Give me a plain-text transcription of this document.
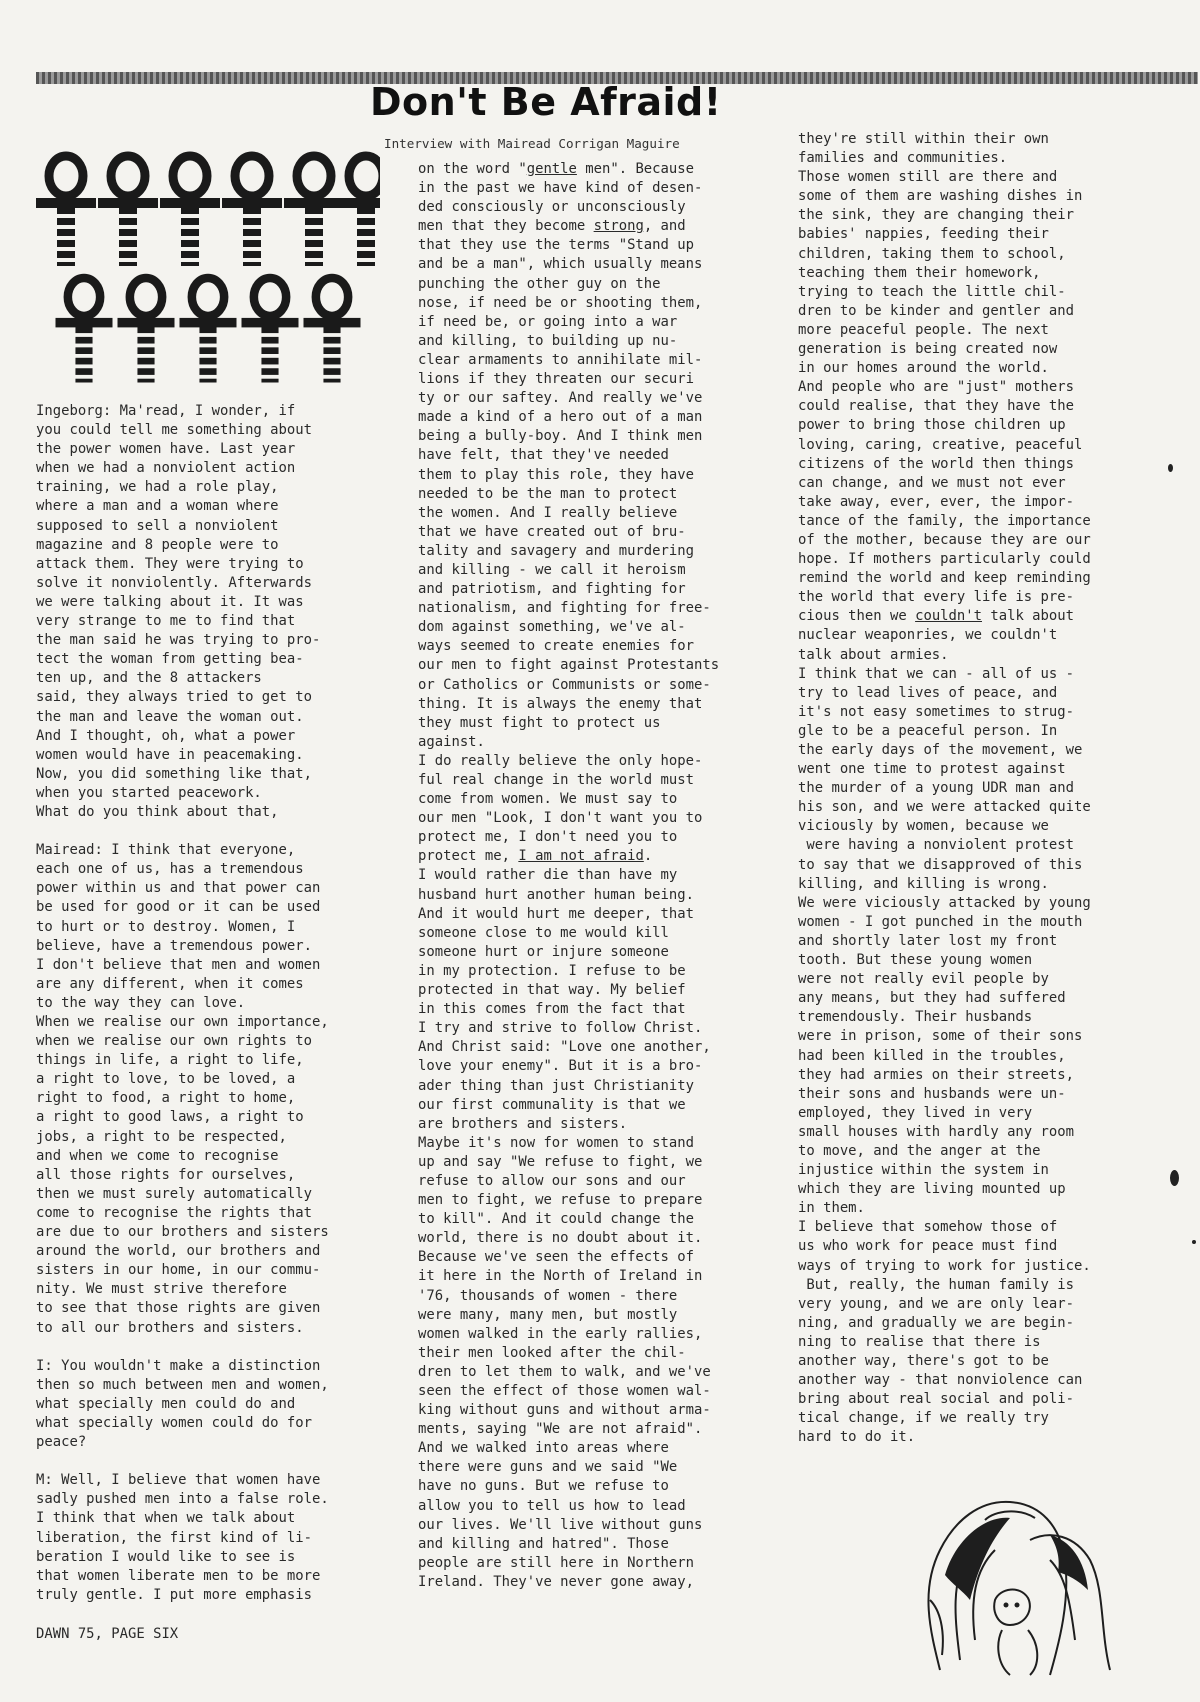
Don't Be Afraid!
Interview with Mairead Corrigan Maguire
Ingeborg: Ma'read, I wonder, if
you could tell me something about
the power women have. Last year
when we had a nonviolent action
training, we had a role play,
where a man and a woman where
supposed to sell a nonviolent
magazine and 8 people were to
attack them. They were trying to
solve it nonviolently. Afterwards
we were talking about it. It was
very strange to me to find that
the man said he was trying to pro-
tect the woman from getting bea-
ten up, and the 8 attackers
said, they always tried to get to
the man and leave the woman out.
And I thought, oh, what a power
women would have in peacemaking.
Now, you did something like that,
when you started peacework.
What do you think about that,

Mairead: I think that everyone,
each one of us, has a tremendous
power within us and that power can
be used for good or it can be used
to hurt or to destroy. Women, I
believe, have a tremendous power.
I don't believe that men and women
are any different, when it comes
to the way they can love.
When we realise our own importance,
when we realise our own rights to
things in life, a right to life,
a right to love, to be loved, a
right to food, a right to home,
a right to good laws, a right to
jobs, a right to be respected,
and when we come to recognise
all those rights for ourselves,
then we must surely automatically
come to recognise the rights that
are due to our brothers and sisters
around the world, our brothers and
sisters in our home, in our commu-
nity. We must strive therefore
to see that those rights are given
to all our brothers and sisters.

I: You wouldn't make a distinction
then so much between men and women,
what specially men could do and
what specially women could do for
peace?

M: Well, I believe that women have
sadly pushed men into a false role.
I think that when we talk about
liberation, the first kind of li-
beration I would like to see is
that women liberate men to be more
truly gentle. I put more emphasis
on the word "gentle men". Because
in the past we have kind of desen-
ded consciously or unconsciously
men that they become strong, and
that they use the terms "Stand up
and be a man", which usually means
punching the other guy on the
nose, if need be or shooting them,
if need be, or going into a war
and killing, to building up nu-
clear armaments to annihilate mil-
lions if they threaten our securi
ty or our saftey. And really we've
made a kind of a hero out of a man
being a bully-boy. And I think men
have felt, that they've needed
them to play this role, they have
needed to be the man to protect
the women. And I really believe
that we have created out of bru-
tality and savagery and murdering
and killing - we call it heroism
and patriotism, and fighting for
nationalism, and fighting for free-
dom against something, we've al-
ways seemed to create enemies for
our men to fight against Protestants
or Catholics or Communists or some-
thing. It is always the enemy that
they must fight to protect us
against.
I do really believe the only hope-
ful real change in the world must
come from women. We must say to
our men "Look, I don't want you to
protect me, I don't need you to
protect me, I am not afraid.
I would rather die than have my
husband hurt another human being.
And it would hurt me deeper, that
someone close to me would kill
someone hurt or injure someone
in my protection. I refuse to be
protected in that way. My belief
in this comes from the fact that
I try and strive to follow Christ.
And Christ said: "Love one another,
love your enemy". But it is a bro-
ader thing than just Christianity
our first communality is that we
are brothers and sisters.
Maybe it's now for women to stand
up and say "We refuse to fight, we
refuse to allow our sons and our
men to fight, we refuse to prepare
to kill". And it could change the
world, there is no doubt about it.
Because we've seen the effects of
it here in the North of Ireland in
'76, thousands of women - there
were many, many men, but mostly
women walked in the early rallies,
their men looked after the chil-
dren to let them to walk, and we've
seen the effect of those women wal-
king without guns and without arma-
ments, saying "We are not afraid".
And we walked into areas where
there were guns and we said "We
have no guns. But we refuse to
allow you to tell us how to lead
our lives. We'll live without guns
and killing and hatred". Those
people are still here in Northern
Ireland. They've never gone away,
they're still within their own
families and communities.
Those women still are there and
some of them are washing dishes in
the sink, they are changing their
babies' nappies, feeding their
children, taking them to school,
teaching them their homework,
trying to teach the little chil-
dren to be kinder and gentler and
more peaceful people. The next
generation is being created now
in our homes around the world.
And people who are "just" mothers
could realise, that they have the
power to bring those children up
loving, caring, creative, peaceful
citizens of the world then things
can change, and we must not ever
take away, ever, ever, the impor-
tance of the family, the importance
of the mother, because they are our
hope. If mothers particularly could
remind the world and keep reminding
the world that every life is pre-
cious then we couldn't talk about
nuclear weaponries, we couldn't
talk about armies.
I think that we can - all of us -
try to lead lives of peace, and
it's not easy sometimes to strug-
gle to be a peaceful person. In
the early days of the movement, we
went one time to protest against
the murder of a young UDR man and
his son, and we were attacked quite
viciously by women, because we
were having a nonviolent protest
to say that we disapproved of this
killing, and killing is wrong.
We were viciously attacked by young
women - I got punched in the mouth
and shortly later lost my front
tooth. But these young women
were not really evil people by
any means, but they had suffered
tremendously. Their husbands
were in prison, some of their sons
had been killed in the troubles,
they had armies on their streets,
their sons and husbands were un-
employed, they lived in very
small houses with hardly any room
to move, and the anger at the
injustice within the system in
which they are living mounted up
in them.
I believe that somehow those of
us who work for peace must find
ways of trying to work for justice.
But, really, the human family is
very young, and we are only lear-
ning, and gradually we are begin-
ning to realise that there is
another way, there's got to be
another way - that nonviolence can
bring about real social and poli-
tical change, if we really try
hard to do it.
DAWN 75, PAGE SIX
